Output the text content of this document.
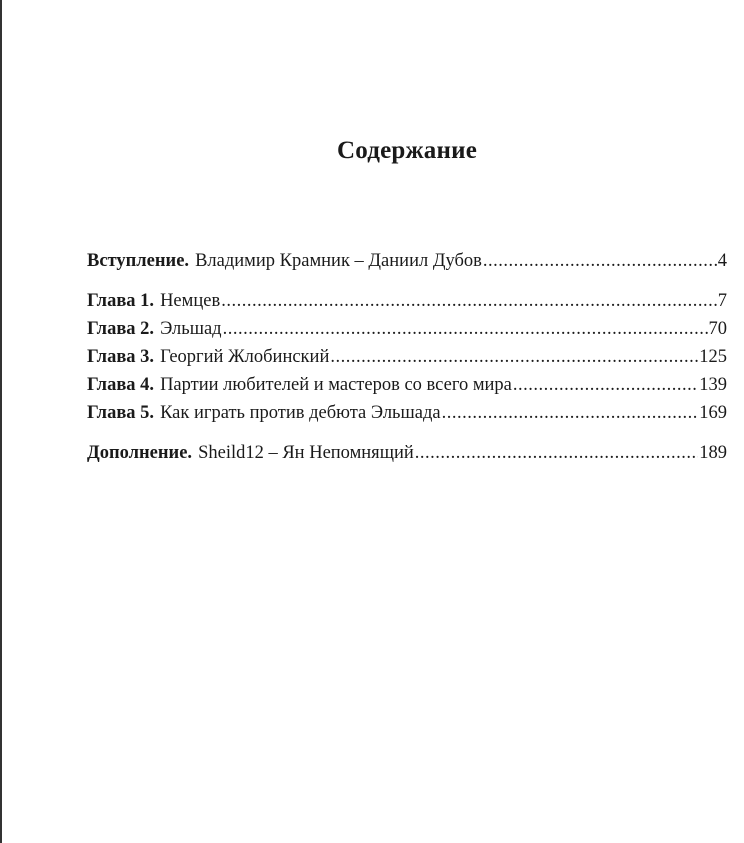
Содержание
Вступление. Владимир Крамник – Даниил Дубов .....	4
Глава 1. Немцев .....	7
Глава 2. Эльшад .....	70
Глава 3. Георгий Жлобинский .....	125
Глава 4. Партии любителей и мастеров со всего мира .....	139
Глава 5. Как играть против дебюта Эльшада .....	169
Дополнение. Sheild12 – Ян Непомнящий .....	189
